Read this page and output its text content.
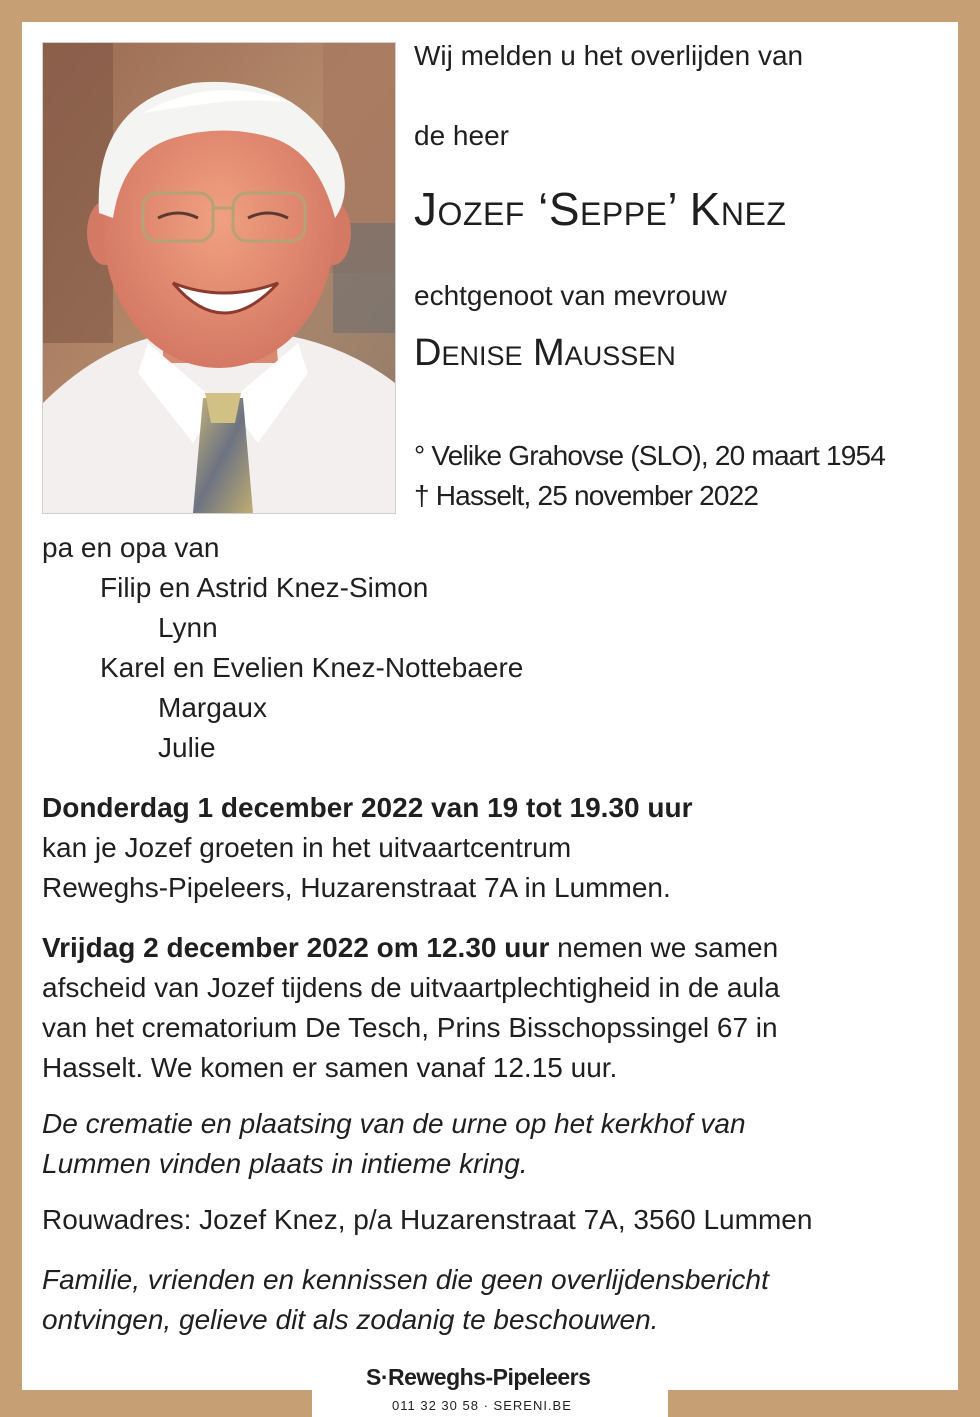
Wij melden u het overlijden van

de heer

Jozef ‘Seppe’ Knez

echtgenoot van mevrouw

Denise Maussen

° Velike Grahovse (SLO), 20 maart 1954

† Hasselt, 25 november 2022

pa en opa van

Filip en Astrid Knez-Simon

Lynn

Karel en Evelien Knez-Nottebaere

Margaux

Julie

Donderdag 1 december 2022 van 19 tot 19.30 uur
kan je Jozef groeten in het uitvaartcentrum
Reweghs-Pipeleers, Huzarenstraat 7A in Lummen.
Vrijdag 2 december 2022 om 12.30 uur nemen we samen
afscheid van Jozef tijdens de uitvaartplechtigheid in de aula
van het crematorium De Tesch, Prins Bisschopssingel 67 in
Hasselt. We komen er samen vanaf 12.15 uur.
De crematie en plaatsing van de urne op het kerkhof van
Lummen vinden plaats in intieme kring.
Rouwadres: Jozef Knez, p/a Huzarenstraat 7A, 3560 Lummen
Familie, vrienden en kennissen die geen overlijdensbericht
ontvingen, gelieve dit als zodanig te beschouwen.

S·Reweghs-Pipeleers

011 32 30 58 · SERENI.BE
